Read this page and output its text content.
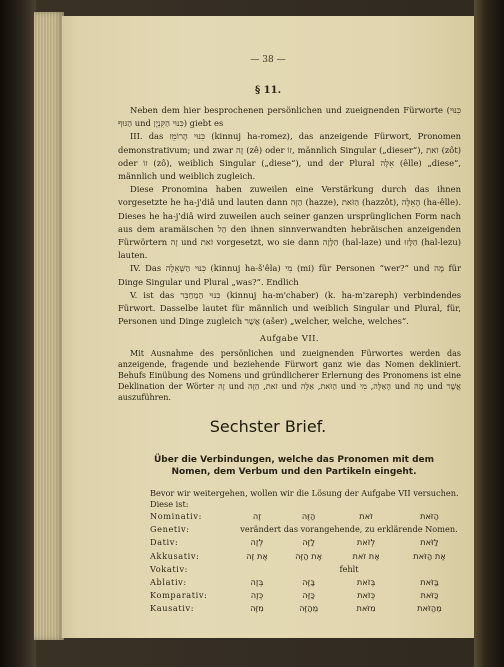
— 38 —
§ 11.

Neben dem hier besprochenen persönlichen und zueignenden Fürworte (כִּנּוּי הַגּוּף und כִּנּוּי הַקִּנְיָן) giebt es

III. das כִּנּוּי הָרוֹמֵז (kinnuj ha-romez), das anzeigende Fürwort, Pronomen demonstrativum; und zwar זֶה (zê) oder זוֹ, männlich Singular („dieser“), זֹאת (zôt) oder זוֹ (zô), weiblich Singular („diese“), und der Plural אֵלֶּה (êlle) „diese“, männlich und weiblich zugleich.

Diese Pronomina haben zuweilen eine Verstärkung durch das ihnen vorgesetzte he ha-j'diâ und lauten dann הַזֶּה (hazze), הַזֹּאת (hazzôt), הָאֵלֶּה (ha-êlle). Dieses he ha-j'diâ wird zuweilen auch seiner ganzen ursprünglichen Form nach aus dem aramäischen הַל den ihnen sinnverwandten hebräischen anzeigenden Fürwörtern זֶה und זֹאת vorgesetzt, wo sie dann הַלָּזֶה (hal-laze) und הַלָּזוּ (hal-lezu) lauten.

IV. Das כִּנּוּי הַשְּׁאֵלָה (kinnuj ha-š'êla) מִי (mi) für Personen “wer?“ und מָה für Dinge Singular und Plural „was?“. Endlich

V. ist das כִּנּוּי הַמְחַבֵּר (kinnuj ha-m'chaber) (k. ha-m'zareph) verbindendes Fürwort. Dasselbe lautet für männlich und weiblich Singular und Plural, für, Personen und Dinge zugleich אֲשֶׁר (ašer) „welcher, welche, welches“.

Aufgabe VII.

Mit Ausnahme des persönlichen und zueignenden Fürwortes werden das anzeigende, fragende und beziehende Fürwort ganz wie das Nomen dekliniert. Behufs Einübung des Nomens und gründlicherer Erlernung des Pronomens ist eine Deklination der Wörter זֶה und זֹאת, הַזֶּה und הַזֹּאת, אֵלֶּה und הָאֵלֶּה, מִי und מָה und אֲשֶׁר auszuführen.

Sechster Brief.
Über die Verbindungen, welche das Pronomen mit dem Nomen, dem Verbum und den Partikeln eingeht.
Bevor wir weitergehen, wollen wir die Lösung der Aufgabe VII versuchen. Diese ist:
Nominativ:	זֶה	הַזֶּה	זֹאת	הַזֹּאת
Genetiv:	verändert das vorangehende, zu erklärende Nomen.			
Dativ:	לְזֶה	לַזֶּה	לְזֹאת	לַזֹּאת
Akkusativ:	אֶת זֶה	אֶת הַזֶּה	אֶת זֹאת	אֶת הַזֹּאת
Vokativ:	fehlt			
Ablativ:	בְּזֶה	בַּזֶּה	בְּזֹאת	בַּזֹּאת
Komparativ:	כְּזֶה	כַּזֶּה	כְּזֹאת	כַּזֹּאת
Kausativ:	מִזֶּה	מֵהַזֶּה	מִזֹּאת	מֵהַזֹּאת
